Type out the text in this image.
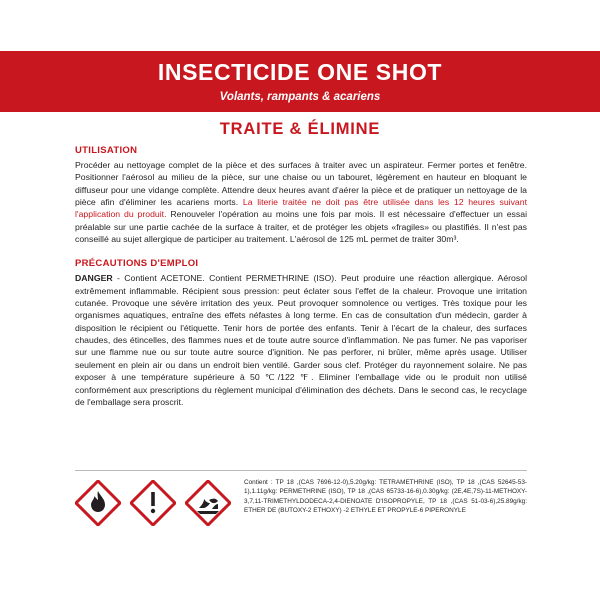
INSECTICIDE ONE SHOT
Volants, rampants & acariens
TRAITE & ÉLIMINE
UTILISATION
Procéder au nettoyage complet de la pièce et des surfaces à traiter avec un aspirateur. Fermer portes et fenêtre. Positionner l'aérosol au milieu de la pièce, sur une chaise ou un tabouret, légèrement en hauteur en bloquant le diffuseur pour une vidange complète. Attendre deux heures avant d'aérer la pièce et de pratiquer un nettoyage de la pièce afin d'éliminer les acariens morts. La literie traitée ne doit pas être utilisée dans les 12 heures suivant l'application du produit. Renouveler l'opération au moins une fois par mois. Il est nécessaire d'effectuer un essai préalable sur une partie cachée de la surface à traiter, et de protéger les objets «fragiles» ou plastifiés. Il n'est pas conseillé au sujet allergique de participer au traitement. L'aérosol de 125 mL permet de traiter 30m³.
PRÉCAUTIONS D'EMPLOI
DANGER - Contient ACETONE. Contient PERMETHRINE (ISO). Peut produire une réaction allergique. Aérosol extrêmement inflammable. Récipient sous pression: peut éclater sous l'effet de la chaleur. Provoque une irritation cutanée. Provoque une sévère irritation des yeux. Peut provoquer somnolence ou vertiges. Très toxique pour les organismes aquatiques, entraîne des effets néfastes à long terme. En cas de consultation d'un médecin, garder à disposition le récipient ou l'étiquette. Tenir hors de portée des enfants. Tenir à l'écart de la chaleur, des surfaces chaudes, des étincelles, des flammes nues et de toute autre source d'inflammation. Ne pas fumer. Ne pas vaporiser sur une flamme nue ou sur toute autre source d'ignition. Ne pas perforer, ni brûler, même après usage. Utiliser seulement en plein air ou dans un endroit bien ventilé. Garder sous clef. Protéger du rayonnement solaire. Ne pas exposer à une température supérieure à 50 ℃/122 ℉. Eliminer l'emballage vide ou le produit non utilisé conformément aux prescriptions du règlement municipal d'élimination des déchets. Dans le second cas, le recyclage de l'emballage sera proscrit.
Contient : TP 18 ,(CAS 7696-12-0),5.20g/kg: TETRAMETHRINE (ISO), TP 18 ,(CAS 52645-53-1),1.11g/kg: PERMETHRINE (ISO), TP 18 ,(CAS 65733-16-6),0.30g/kg: (2E,4E,7S)-11-METHOXY-3,7,11-TRIMETHYLDODECA-2,4-DIENOATE D'ISOPROPYLE, TP 18 ,(CAS 51-03-6),25.89g/kg: ETHER DE (BUTOXY-2 ETHOXY) -2 ETHYLE ET PROPYLE-6 PIPERONYLE
